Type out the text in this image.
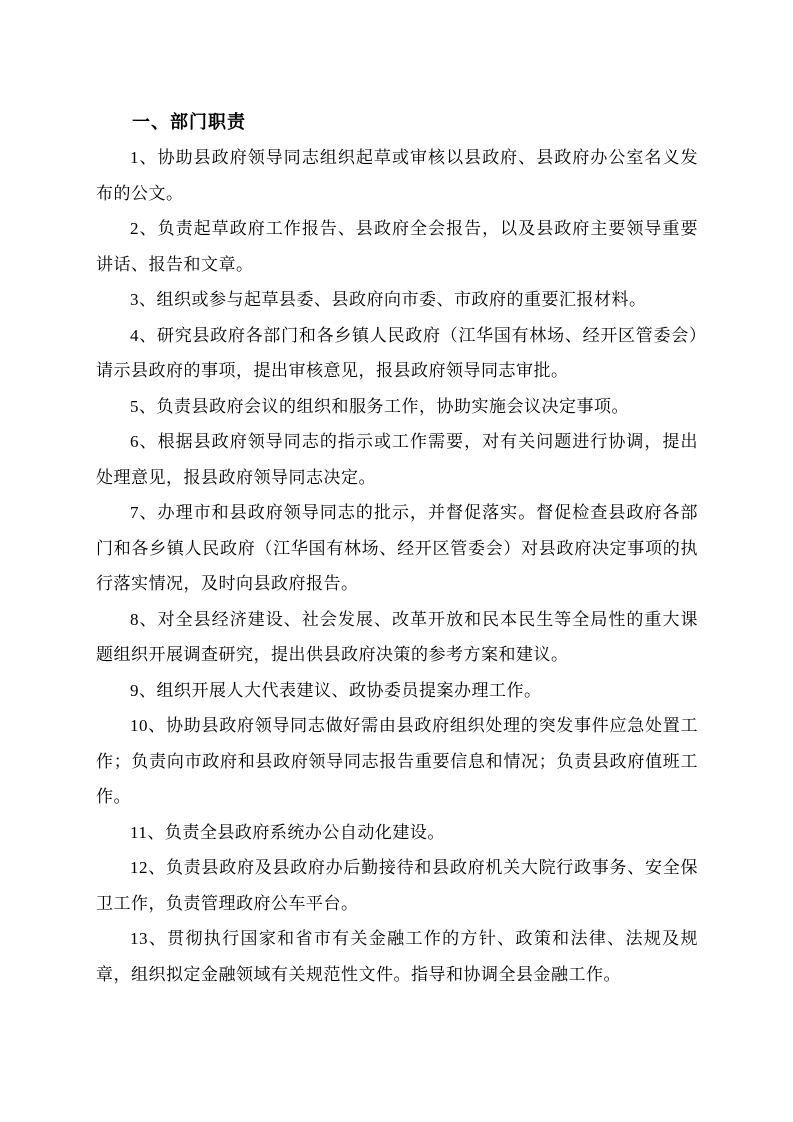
一、部门职责

1、协助县政府领导同志组织起草或审核以县政府、县政府办公室名义发布的公文。

2、负责起草政府工作报告、县政府全会报告，以及县政府主要领导重要讲话、报告和文章。

3、组织或参与起草县委、县政府向市委、市政府的重要汇报材料。

4、研究县政府各部门和各乡镇人民政府（江华国有林场、经开区管委会）请示县政府的事项，提出审核意见，报县政府领导同志审批。

5、负责县政府会议的组织和服务工作，协助实施会议决定事项。

6、根据县政府领导同志的指示或工作需要，对有关问题进行协调，提出处理意见，报县政府领导同志决定。

7、办理市和县政府领导同志的批示，并督促落实。督促检查县政府各部门和各乡镇人民政府（江华国有林场、经开区管委会）对县政府决定事项的执行落实情况，及时向县政府报告。

8、对全县经济建设、社会发展、改革开放和民本民生等全局性的重大课题组织开展调查研究，提出供县政府决策的参考方案和建议。

9、组织开展人大代表建议、政协委员提案办理工作。

10、协助县政府领导同志做好需由县政府组织处理的突发事件应急处置工作；负责向市政府和县政府领导同志报告重要信息和情况；负责县政府值班工作。

11、负责全县政府系统办公自动化建设。

12、负责县政府及县政府办后勤接待和县政府机关大院行政事务、安全保卫工作，负责管理政府公车平台。

13、贯彻执行国家和省市有关金融工作的方针、政策和法律、法规及规章，组织拟定金融领域有关规范性文件。指导和协调全县金融工作。
